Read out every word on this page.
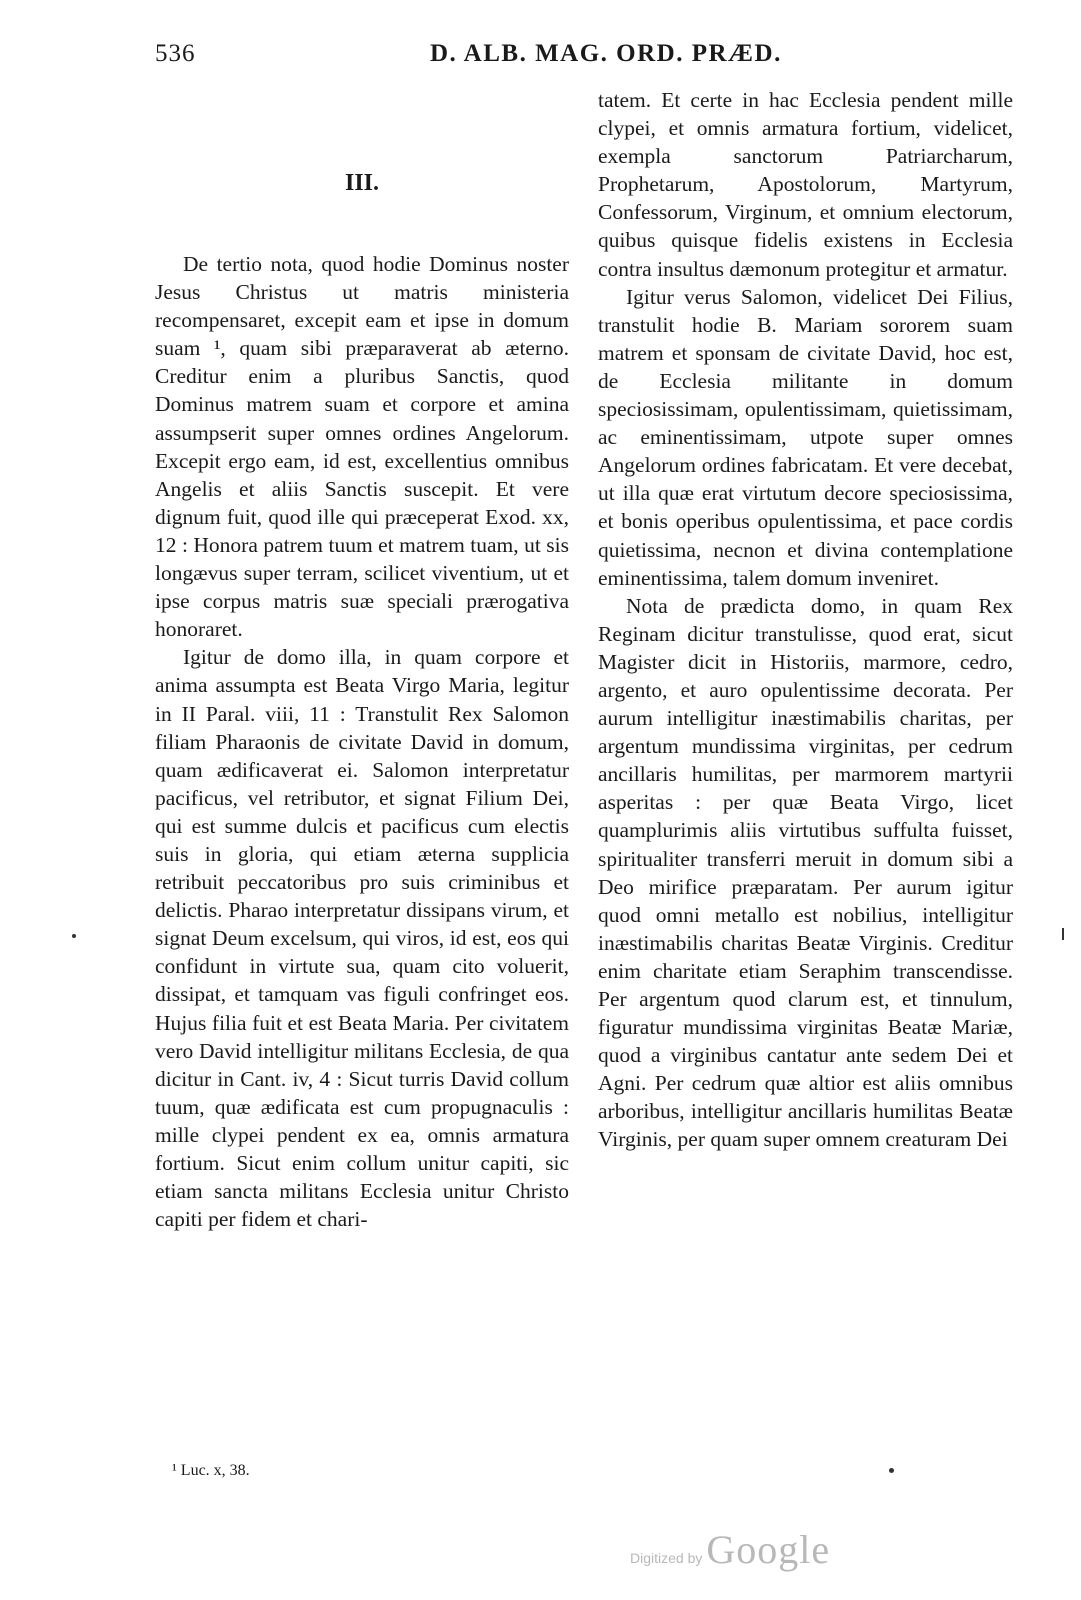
536	D. ALB. MAG. ORD. PRÆD.
III.

De tertio nota, quod hodie Dominus noster Jesus Christus ut matris ministeria recompensaret, excepit eam et ipse in domum suam ¹, quam sibi præparaverat ab æterno. Creditur enim a pluribus Sanctis, quod Dominus matrem suam et corpore et amina assumpserit super omnes ordines Angelorum. Excepit ergo eam, id est, excellentius omnibus Angelis et aliis Sanctis suscepit. Et vere dignum fuit, quod ille qui præceperat Exod. xx, 12 : Honora patrem tuum et matrem tuam, ut sis longævus super terram, scilicet viventium, ut et ipse corpus matris suæ speciali prærogativa honoraret.

Igitur de domo illa, in quam corpore et anima assumpta est Beata Virgo Maria, legitur in II Paral. viii, 11 : Transtulit Rex Salomon filiam Pharaonis de civitate David in domum, quam ædificaverat ei. Salomon interpretatur pacificus, vel retributor, et signat Filium Dei, qui est summe dulcis et pacificus cum electis suis in gloria, qui etiam æterna supplicia retribuit peccatoribus pro suis criminibus et delictis. Pharao interpretatur dissipans virum, et signat Deum excelsum, qui viros, id est, eos qui confidunt in virtute sua, quam cito voluerit, dissipat, et tamquam vas figuli confringet eos. Hujus filia fuit et est Beata Maria. Per civitatem vero David intelligitur militans Ecclesia, de qua dicitur in Cant. iv, 4 : Sicut turris David collum tuum, quæ ædificata est cum propugnaculis : mille clypei pendent ex ea, omnis armatura fortium. Sicut enim collum unitur capiti, sic etiam sancta militans Ecclesia unitur Christo capiti per fidem et chari-

tatem. Et certe in hac Ecclesia pendent mille clypei, et omnis armatura fortium, videlicet, exempla sanctorum Patriarcharum, Prophetarum, Apostolorum, Martyrum, Confessorum, Virginum, et omnium electorum, quibus quisque fidelis existens in Ecclesia contra insultus dæmonum protegitur et armatur.

Igitur verus Salomon, videlicet Dei Filius, transtulit hodie B. Mariam sororem suam matrem et sponsam de civitate David, hoc est, de Ecclesia militante in domum speciosissimam, opulentissimam, quietissimam, ac eminentissimam, utpote super omnes Angelorum ordines fabricatam. Et vere decebat, ut illa quæ erat virtutum decore speciosissima, et bonis operibus opulentissima, et pace cordis quietissima, necnon et divina contemplatione eminentissima, talem domum inveniret.

Nota de prædicta domo, in quam Rex Reginam dicitur transtulisse, quod erat, sicut Magister dicit in Historiis, marmore, cedro, argento, et auro opulentissime decorata. Per aurum intelligitur inæstimabilis charitas, per argentum mundissima virginitas, per cedrum ancillaris humilitas, per marmorem martyrii asperitas : per quæ Beata Virgo, licet quamplurimis aliis virtutibus suffulta fuisset, spiritualiter transferri meruit in domum sibi a Deo mirifice præparatam. Per aurum igitur quod omni metallo est nobilius, intelligitur inæstimabilis charitas Beatæ Virginis. Creditur enim charitate etiam Seraphim transcendisse. Per argentum quod clarum est, et tinnulum, figuratur mundissima virginitas Beatæ Mariæ, quod a virginibus cantatur ante sedem Dei et Agni. Per cedrum quæ altior est aliis omnibus arboribus, intelligitur ancillaris humilitas Beatæ Virginis, per quam super omnem creaturam Dei

¹ Luc. x, 38.
Digitized by Google
